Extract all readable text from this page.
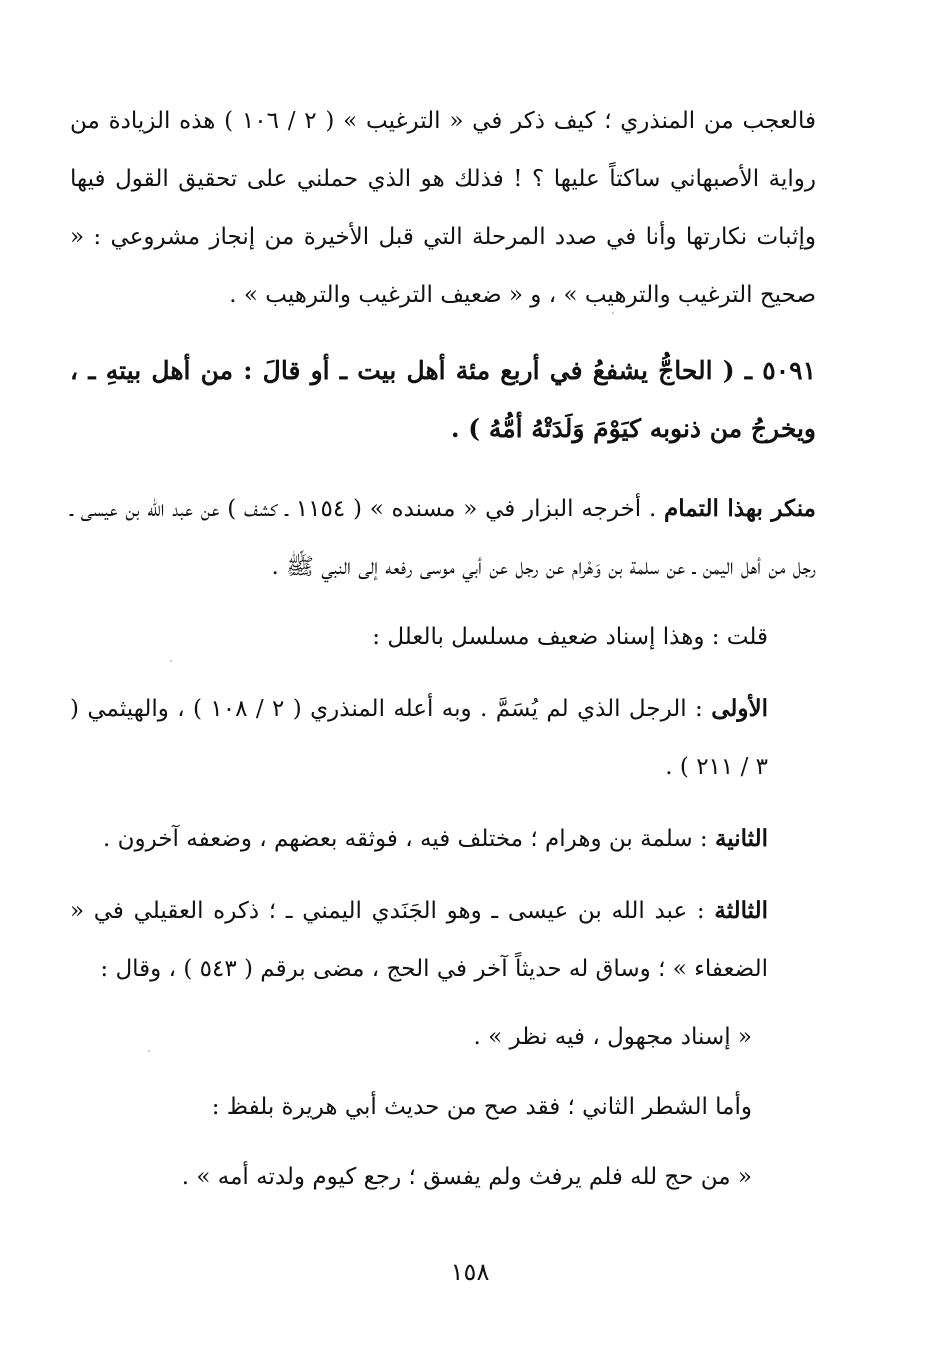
فالعجب من المنذري ؛ كيف ذكر في « الترغيب » ( ٢ / ١٠٦ ) هذه الزيادة من رواية الأصبهاني ساكتاً عليها ؟ ! فذلك هو الذي حملني على تحقيق القول فيها وإثبات نكارتها وأنا في صدد المرحلة التي قبل الأخيرة من إنجاز مشروعي : « صحيح الترغيب والترهيب » ، و « ضعيف الترغيب والترهيب » .

٥٠٩١ ـ ( الحاجُّ يشفعُ في أربع مئة أهل بيت ـ أو قالَ : من أهل بيتهِ ـ ، ويخرجُ من ذنوبه كيَوْمَ وَلَدَتْهُ أمُّهُ ) .

منكر بهذا التمام . أخرجه البزار في « مسنده » ( ١١٥٤ ـ كشف ) عن عبد الله بن عيسى ـ رجل من أهل اليمن ـ عن سلمة بن وَهْرام عن رجل عن أبي موسى رفعه إلى النبي ﷺ .

قلت : وهذا إسناد ضعيف مسلسل بالعلل :

الأولى : الرجل الذي لم يُسَمَّ . وبه أعله المنذري ( ٢ / ١٠٨ ) ، والهيثمي ( ٣ / ٢١١ ) .

الثانية : سلمة بن وهرام ؛ مختلف فيه ، فوثقه بعضهم ، وضعفه آخرون .

الثالثة : عبد الله بن عيسى ـ وهو الجَنَدي اليمني ـ ؛ ذكره العقيلي في « الضعفاء » ؛ وساق له حديثاً آخر في الحج ، مضى برقم ( ٥٤٣ ) ، وقال :

« إسناد مجهول ، فيه نظر » .

وأما الشطر الثاني ؛ فقد صح من حديث أبي هريرة بلفظ :

« من حج لله فلم يرفث ولم يفسق ؛ رجع كيوم ولدته أمه » .

١٥٨
